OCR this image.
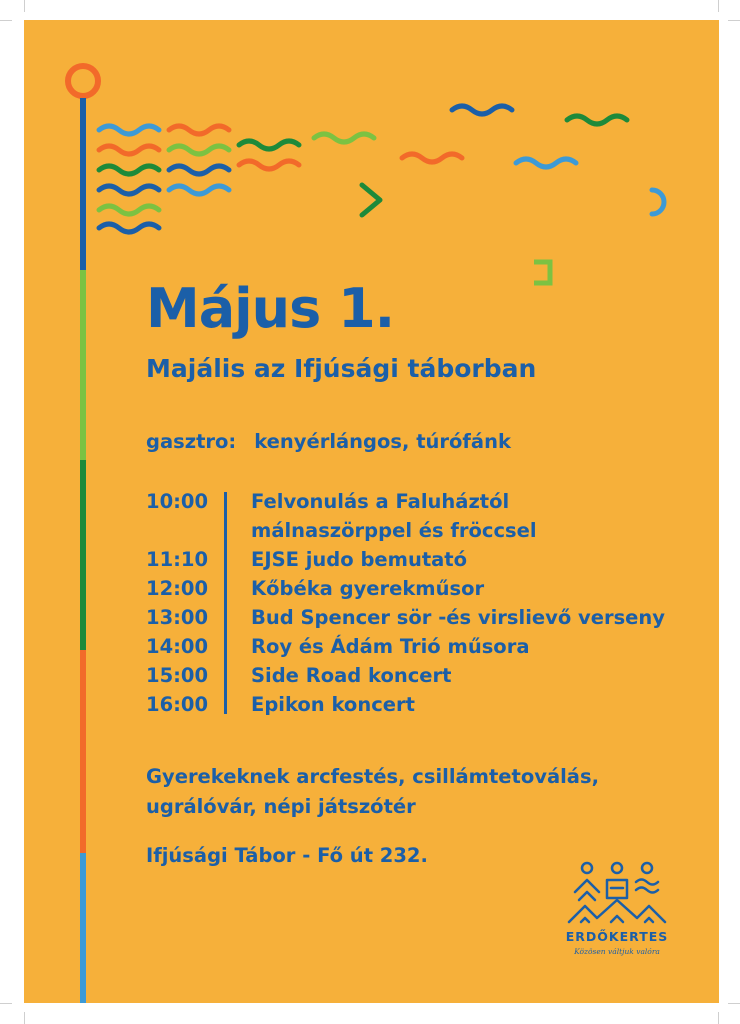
Május 1.
Majális az Ifjúsági táborban
gasztro: kenyérlángos, túrófánk
10:00 Felvonulás a Faluháztól
málnaszörppel és fröccsel
11:10 EJSE judo bemutató
12:00 Kőbéka gyerekműsor
13:00 Bud Spencer sör -és virslievő verseny
14:00 Roy és Ádám Trió műsora
15:00 Side Road koncert
16:00 Epikon koncert

Gyerekeknek arcfestés, csillámtetoválás,
ugrálóvár, népi játszótér

Ifjúsági Tábor - Fő út 232.
ERDŐKERTES
Közösen váltjuk valóra
